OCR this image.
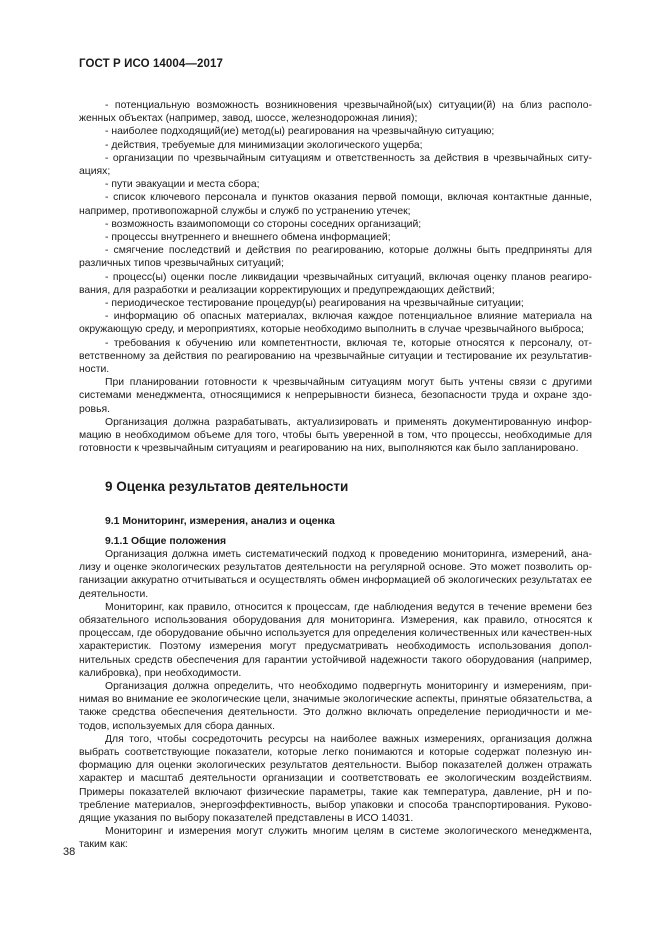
ГОСТ Р ИСО 14004—2017

- потенциальную возможность возникновения чрезвычайной(ых) ситуации(й) на близ располо-женных объектах (например, завод, шоссе, железнодорожная линия);

- наиболее подходящий(ие) метод(ы) реагирования на чрезвычайную ситуацию;

- действия, требуемые для минимизации экологического ущерба;

- организации по чрезвычайным ситуациям и ответственность за действия в чрезвычайных ситу-ациях;

- пути эвакуации и места сбора;

- список ключевого персонала и пунктов оказания первой помощи, включая контактные данные, например, противопожарной службы и служб по устранению утечек;

- возможность взаимопомощи со стороны соседних организаций;

- процессы внутреннего и внешнего обмена информацией;

- смягчение последствий и действия по реагированию, которые должны быть предприняты для различных типов чрезвычайных ситуаций;

- процесс(ы) оценки после ликвидации чрезвычайных ситуаций, включая оценку планов реагиро-вания, для разработки и реализации корректирующих и предупреждающих действий;

- периодическое тестирование процедур(ы) реагирования на чрезвычайные ситуации;

- информацию об опасных материалах, включая каждое потенциальное влияние материала на окружающую среду, и мероприятиях, которые необходимо выполнить в случае чрезвычайного выброса;

- требования к обучению или компетентности, включая те, которые относятся к персоналу, от-ветственному за действия по реагированию на чрезвычайные ситуации и тестирование их результатив-ности.

При планировании готовности к чрезвычайным ситуациям могут быть учтены связи с другими системами менеджмента, относящимися к непрерывности бизнеса, безопасности труда и охране здо-ровья.

Организация должна разрабатывать, актуализировать и применять документированную инфор-мацию в необходимом объеме для того, чтобы быть уверенной в том, что процессы, необходимые для готовности к чрезвычайным ситуациям и реагированию на них, выполняются как было запланировано.

9 Оценка результатов деятельности
9.1 Мониторинг, измерения, анализ и оценка
9.1.1 Общие положения

Организация должна иметь систематический подход к проведению мониторинга, измерений, ана-лизу и оценке экологических результатов деятельности на регулярной основе. Это может позволить ор-ганизации аккуратно отчитываться и осуществлять обмен информацией об экологических результатах ее деятельности.

Мониторинг, как правило, относится к процессам, где наблюдения ведутся в течение времени без обязательного использования оборудования для мониторинга. Измерения, как правило, относятся к процессам, где оборудование обычно используется для определения количественных или качествен-ных характеристик. Поэтому измерения могут предусматривать необходимость использования допол-нительных средств обеспечения для гарантии устойчивой надежности такого оборудования (например, калибровка), при необходимости.

Организация должна определить, что необходимо подвергнуть мониторингу и измерениям, при-нимая во внимание ее экологические цели, значимые экологические аспекты, принятые обязательства, а также средства обеспечения деятельности. Это должно включать определение периодичности и ме-тодов, используемых для сбора данных.

Для того, чтобы сосредоточить ресурсы на наиболее важных измерениях, организация должна выбрать соответствующие показатели, которые легко понимаются и которые содержат полезную ин-формацию для оценки экологических результатов деятельности. Выбор показателей должен отражать характер и масштаб деятельности организации и соответствовать ее экологическим воздействиям. Примеры показателей включают физические параметры, такие как температура, давление, pH и по-требление материалов, энергоэффективность, выбор упаковки и способа транспортирования. Руково-дящие указания по выбору показателей представлены в ИСО 14031.

Мониторинг и измерения могут служить многим целям в системе экологического менеджмента, таким как:

38
